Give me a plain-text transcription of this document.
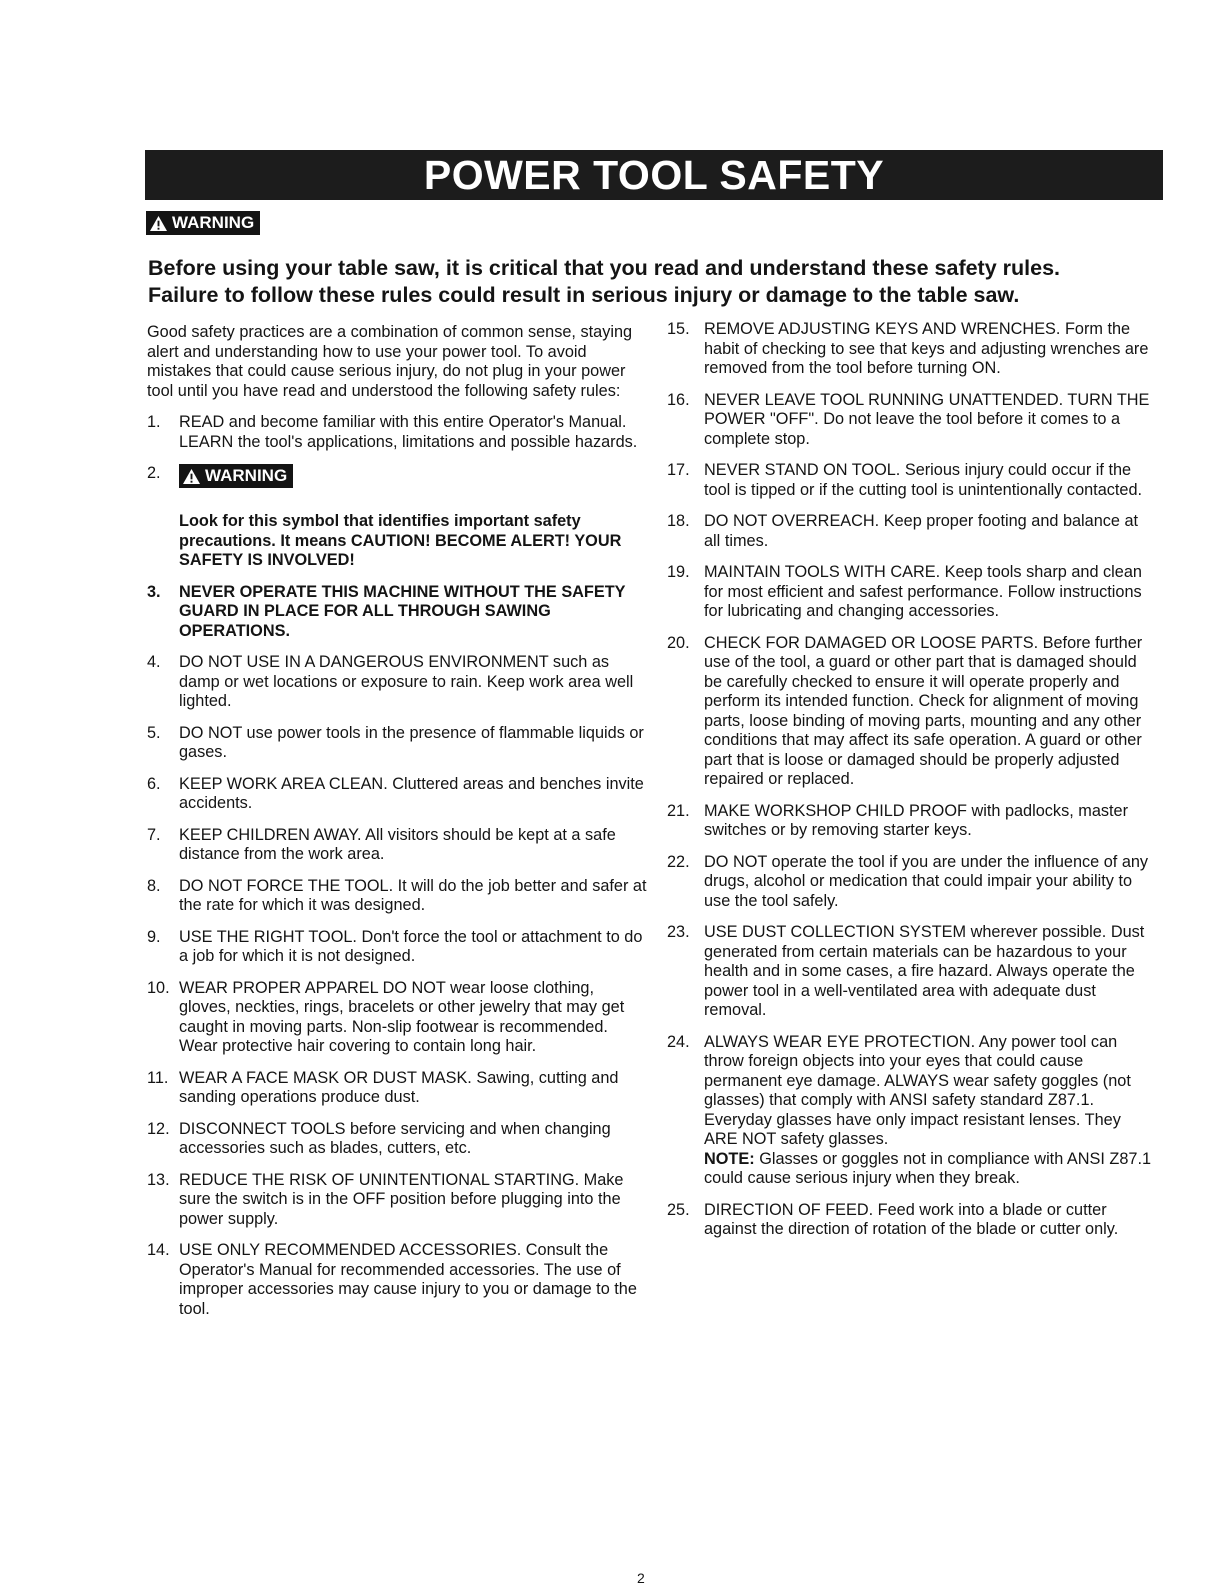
POWER TOOL SAFETY
WARNING
Before using your table saw, it is critical that you read and understand these safety rules.
Failure to follow these rules could result in serious injury or damage to the table saw.
Good safety practices are a combination of common sense, staying alert and understanding how to use your power tool. To avoid mistakes that could cause serious injury, do not plug in your power tool until you have read and understood the following safety rules:
1.	READ and become familiar with this entire Operator's Manual. LEARN the tool's applications, limitations and possible hazards.
2.	WARNING
Look for this symbol that identifies important safety precautions. It means CAUTION! BECOME ALERT! YOUR SAFETY IS INVOLVED!
3.	NEVER OPERATE THIS MACHINE WITHOUT THE SAFETY GUARD IN PLACE FOR ALL THROUGH SAWING OPERATIONS.
4.	DO NOT USE IN A DANGEROUS ENVIRONMENT such as damp or wet locations or exposure to rain. Keep work area well lighted.
5.	DO NOT use power tools in the presence of flammable liquids or gases.
6.	KEEP WORK AREA CLEAN. Cluttered areas and benches invite accidents.
7.	KEEP CHILDREN AWAY. All visitors should be kept at a safe distance from the work area.
8.	DO NOT FORCE THE TOOL. It will do the job better and safer at the rate for which it was designed.
9.	USE THE RIGHT TOOL. Don't force the tool or attachment to do a job for which it is not designed.
10. WEAR PROPER APPAREL DO NOT wear loose clothing, gloves, neckties, rings, bracelets or other jewelry that may get caught in moving parts. Non-slip footwear is recommended. Wear protective hair covering to contain long hair.
11. WEAR A FACE MASK OR DUST MASK. Sawing, cutting and sanding operations produce dust.
12. DISCONNECT TOOLS before servicing and when changing accessories such as blades, cutters, etc.
13. REDUCE THE RISK OF UNINTENTIONAL STARTING. Make sure the switch is in the OFF position before plugging into the power supply.
14. USE ONLY RECOMMENDED ACCESSORIES. Consult the Operator's Manual for recommended accessories. The use of improper accessories may cause injury to you or damage to the tool.
15. REMOVE ADJUSTING KEYS AND WRENCHES. Form the habit of checking to see that keys and adjusting wrenches are removed from the tool before turning ON.
16. NEVER LEAVE TOOL RUNNING UNATTENDED. TURN THE POWER "OFF". Do not leave the tool before it comes to a complete stop.
17. NEVER STAND ON TOOL. Serious injury could occur if the tool is tipped or if the cutting tool is unintentionally contacted.
18. DO NOT OVERREACH. Keep proper footing and balance at all times.
19. MAINTAIN TOOLS WITH CARE. Keep tools sharp and clean for most efficient and safest performance. Follow instructions for lubricating and changing accessories.
20. CHECK FOR DAMAGED OR LOOSE PARTS. Before further use of the tool, a guard or other part that is damaged should be carefully checked to ensure it will operate properly and perform its intended function. Check for alignment of moving parts, loose binding of moving parts, mounting and any other conditions that may affect its safe operation. A guard or other part that is loose or damaged should be properly adjusted repaired or replaced.
21. MAKE WORKSHOP CHILD PROOF with padlocks, master switches or by removing starter keys.
22. DO NOT operate the tool if you are under the influence of any drugs, alcohol or medication that could impair your ability to use the tool safely.
23. USE DUST COLLECTION SYSTEM wherever possible. Dust generated from certain materials can be hazardous to your health and in some cases, a fire hazard. Always operate the power tool in a well-ventilated area with adequate dust removal.
24. ALWAYS WEAR EYE PROTECTION. Any power tool can throw foreign objects into your eyes that could cause permanent eye damage. ALWAYS wear safety goggles (not glasses) that comply with ANSI safety standard Z87.1. Everyday glasses have only impact resistant lenses. They ARE NOT safety glasses.
NOTE: Glasses or goggles not in compliance with ANSI Z87.1 could cause serious injury when they break.
25. DIRECTION OF FEED. Feed work into a blade or cutter against the direction of rotation of the blade or cutter only.
2
